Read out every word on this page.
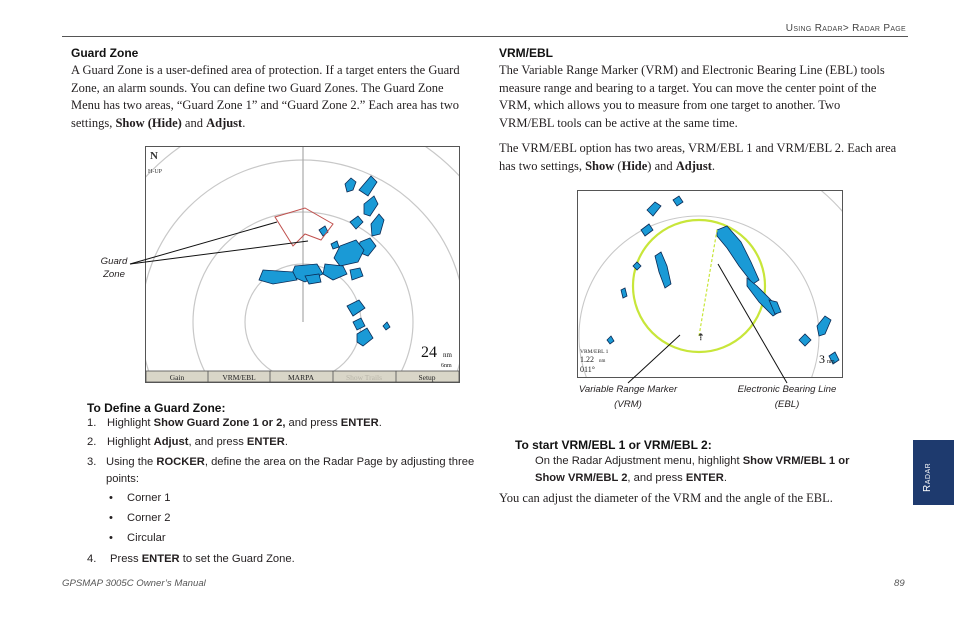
Using Radar> Radar Page
Guard Zone
A Guard Zone is a user-defined area of protection. If a target enters the Guard Zone, an alarm sounds. You can define two Guard Zones. The Guard Zone Menu has two areas, “Guard Zone 1” and “Guard Zone 2.” Each area has two settings, Show (Hide) and Adjust.
N
H-UP
24 nm
6nm
Gain	VRM/EBL	MARPA	Show Trails	Setup
Guard
Zone
To Define a Guard Zone:
1. Highlight Show Guard Zone 1 or 2, and press ENTER.
2. Highlight Adjust, and press ENTER.
3. Using the ROCKER, define the area on the Radar Page by adjusting three points:
• Corner 1
• Corner 2
• Circular
4. Press ENTER to set the Guard Zone.
VRM/EBL
The Variable Range Marker (VRM) and Electronic Bearing Line (EBL) tools measure range and bearing to a target. You can move the center point of the VRM, which allows you to measure from one target to another. Two VRM/EBL tools can be active at the same time.
The VRM/EBL option has two areas, VRM/EBL 1 and VRM/EBL 2. Each area has two settings, Show (Hide) and Adjust.
⇡
VRM/EBL 1
1.22 nm
011°
3 nm
Variable Range Marker
(VRM)
Electronic Bearing Line
(EBL)
To start VRM/EBL 1 or VRM/EBL 2:
On the Radar Adjustment menu, highlight Show VRM/EBL 1 or Show VRM/EBL 2, and press ENTER.
You can adjust the diameter of the VRM and the angle of the EBL.
Radar
GPSMAP 3005C Owner’s Manual	89
